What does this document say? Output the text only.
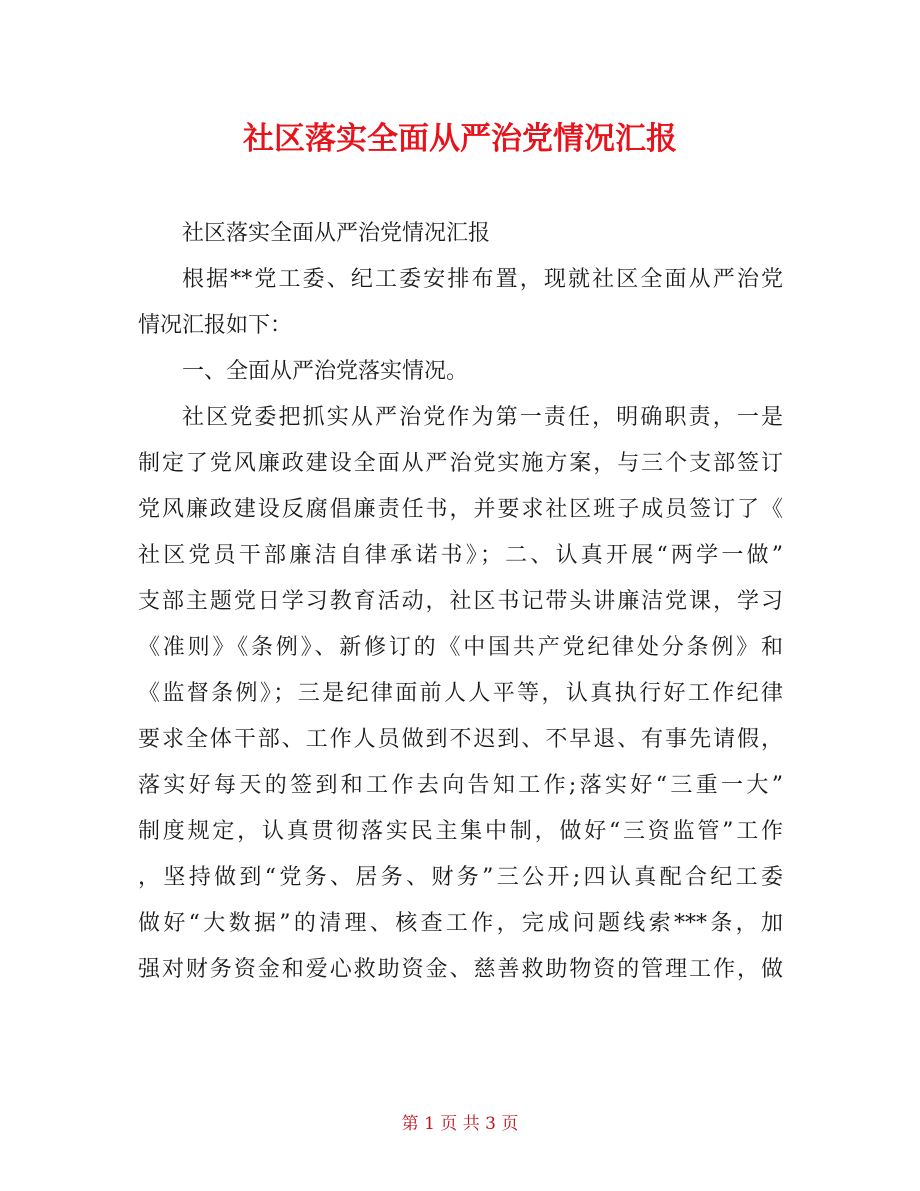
社区落实全面从严治党情况汇报
社区落实全面从严治党情况汇报
根据**党工委、纪工委安排布置，现就社区全面从严治党
情况汇报如下：
一、全面从严治党落实情况。
社区党委把抓实从严治党作为第一责任，明确职责，一是
制定了党风廉政建设全面从严治党实施方案，与三个支部签订
党风廉政建设反腐倡廉责任书，并要求社区班子成员签订了《
社区党员干部廉洁自律承诺书》；二、认真开展“两学一做”
支部主题党日学习教育活动，社区书记带头讲廉洁党课，学习
《准则》《条例》、新修订的《中国共产党纪律处分条例》和
《监督条例》；三是纪律面前人人平等，认真执行好工作纪律
要求全体干部、工作人员做到不迟到、不早退、有事先请假，
落实好每天的签到和工作去向告知工作;落实好“三重一大”
制度规定，认真贯彻落实民主集中制，做好“三资监管”工作
，坚持做到“党务、居务、财务”三公开;四认真配合纪工委
做好“大数据”的清理、核查工作，完成问题线索***条，加
强对财务资金和爱心救助资金、慈善救助物资的管理工作，做
第 1 页 共 3 页
